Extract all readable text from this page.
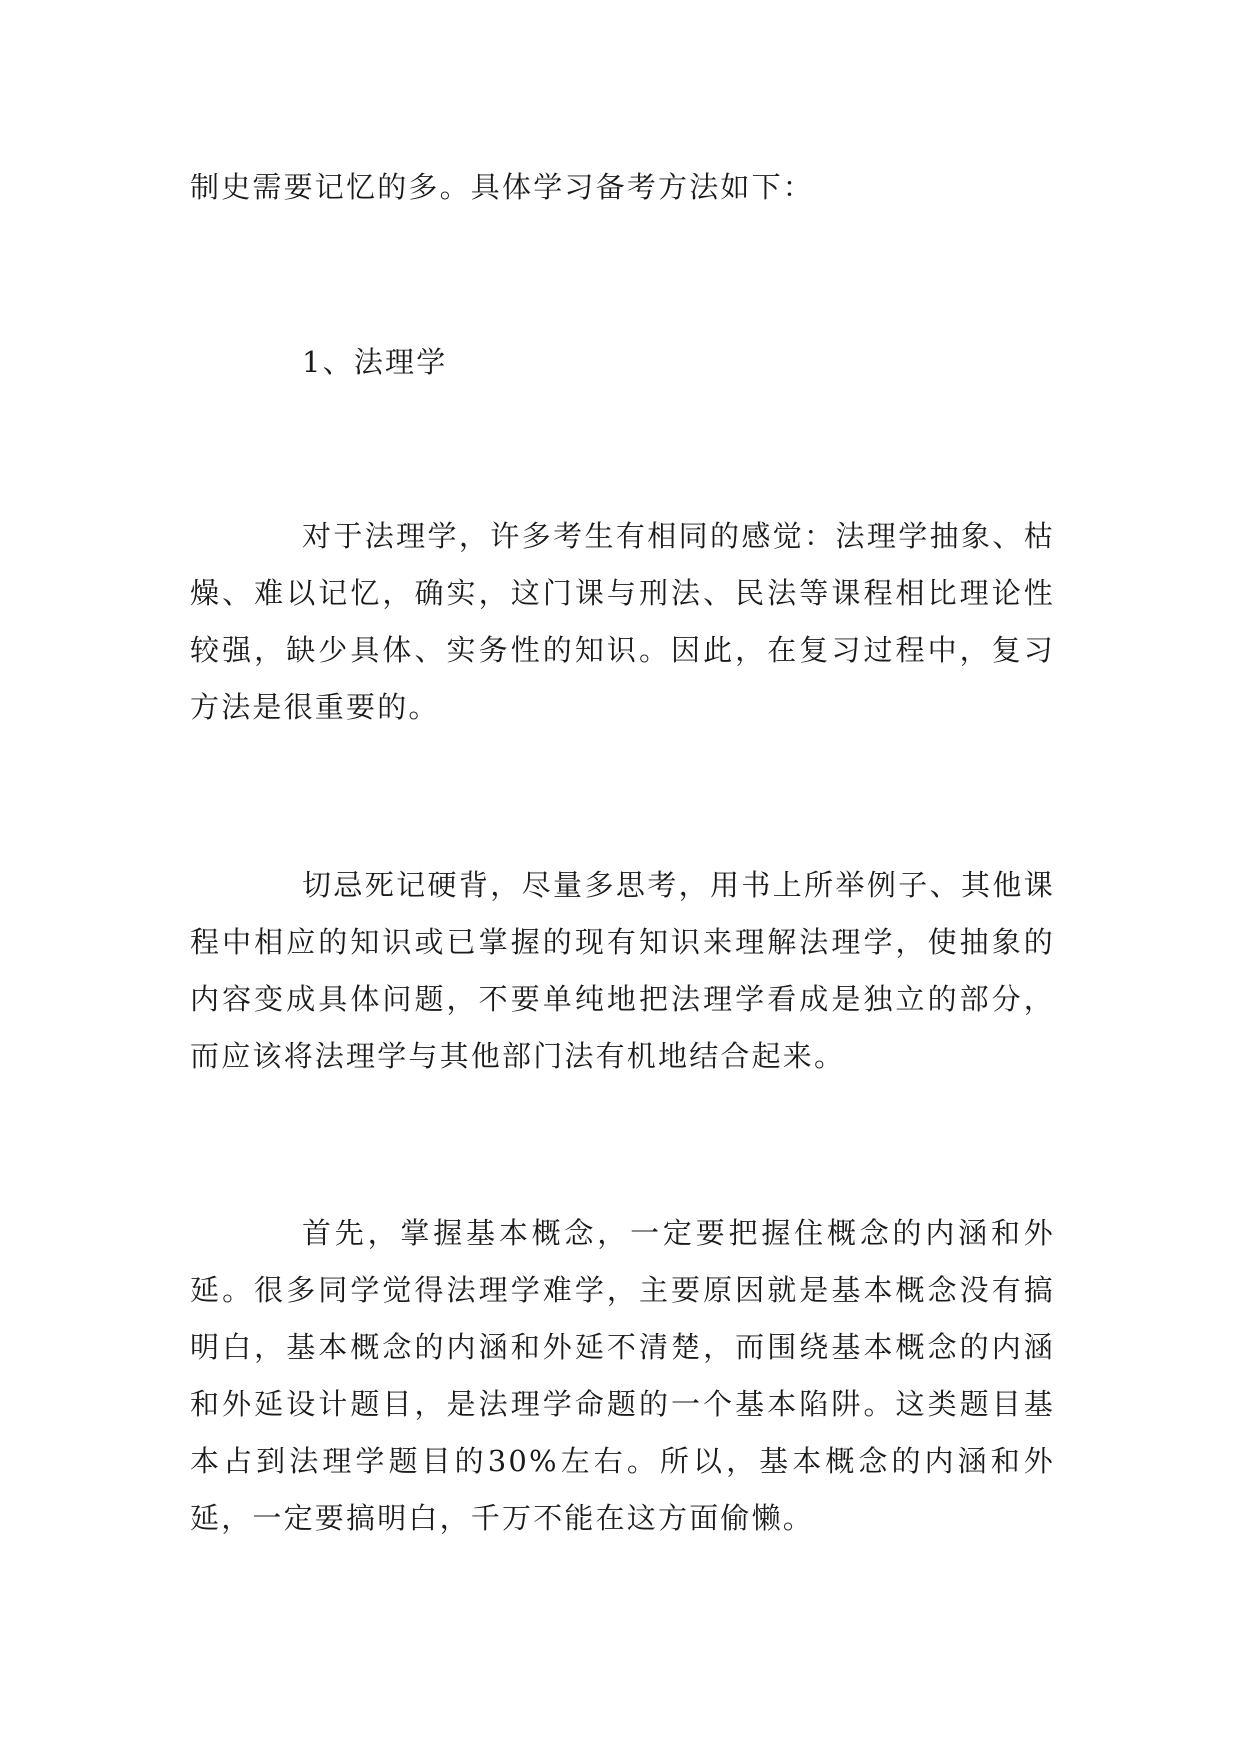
制史需要记忆的多。具体学习备考方法如下：

1、法理学

对于法理学，许多考生有相同的感觉：法理学抽象、枯燥、难以记忆，确实，这门课与刑法、民法等课程相比理论性较强，缺少具体、实务性的知识。因此，在复习过程中，复习方法是很重要的。

切忌死记硬背，尽量多思考，用书上所举例子、其他课程中相应的知识或已掌握的现有知识来理解法理学，使抽象的内容变成具体问题，不要单纯地把法理学看成是独立的部分，而应该将法理学与其他部门法有机地结合起来。

首先，掌握基本概念，一定要把握住概念的内涵和外延。很多同学觉得法理学难学，主要原因就是基本概念没有搞明白，基本概念的内涵和外延不清楚，而围绕基本概念的内涵和外延设计题目，是法理学命题的一个基本陷阱。这类题目基本占到法理学题目的30%左右。所以，基本概念的内涵和外延，一定要搞明白，千万不能在这方面偷懒。
